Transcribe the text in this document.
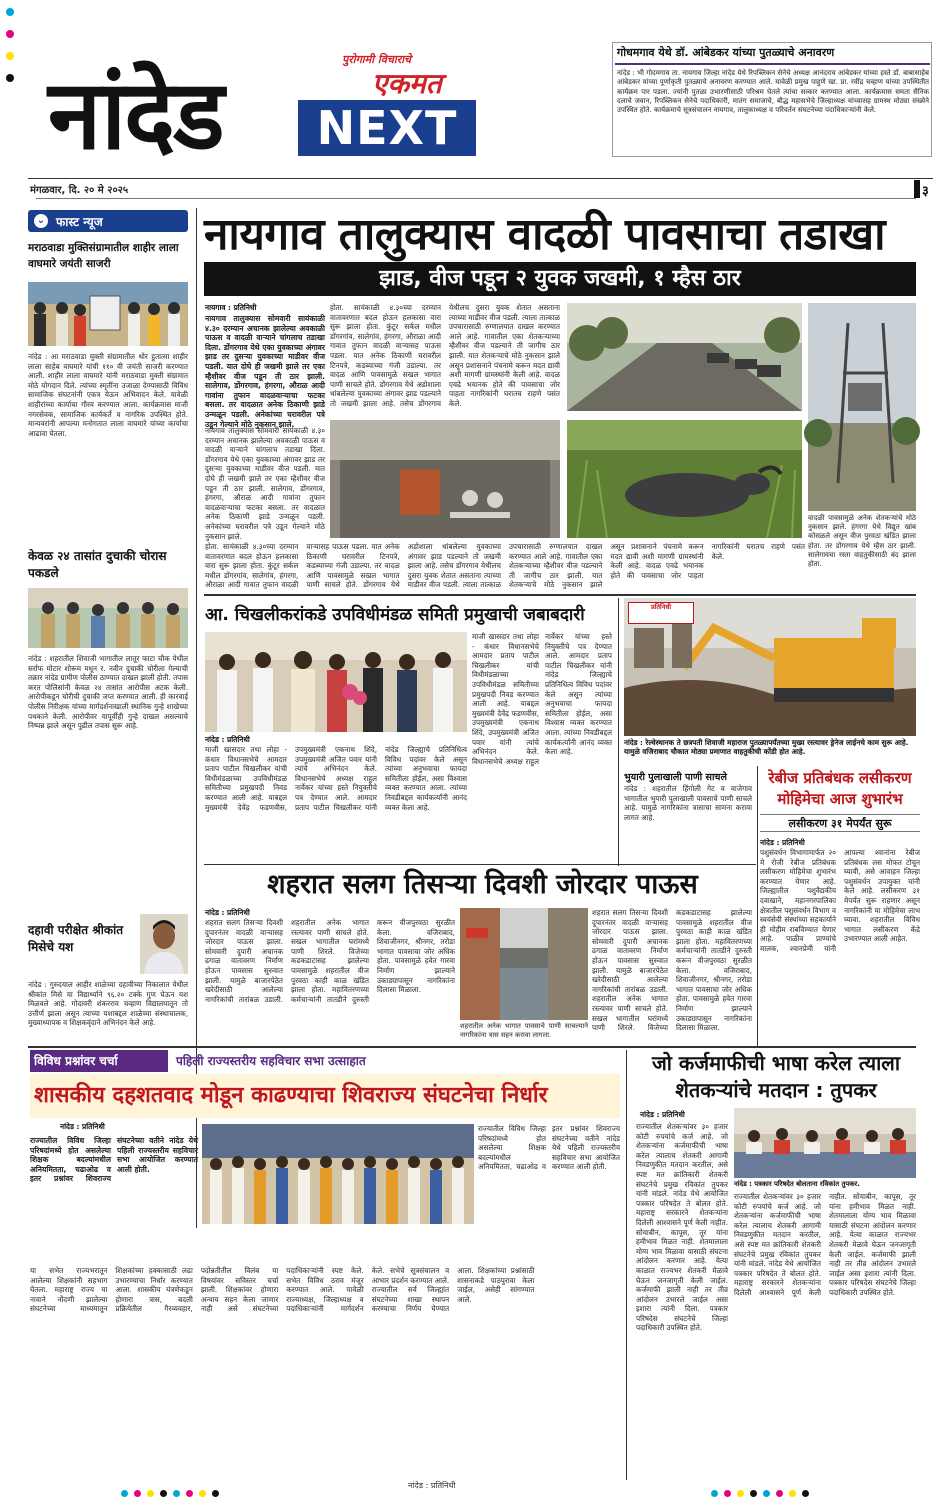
नांदेड	पुरोगामी विचाराचे
एकमत
NEXT
गोधमगाव येथे डॉ. आंबेडकर यांच्या पुतळ्याचे अनावरण
नांदेड : भी गोदमगाव ता. नायगाव जिल्हा नांदेड येथे रिपब्लिकन सेनेचे अध्यक्ष आनंदराव आंबेडकर यांच्या हस्ते डॉ. बाबासाहेब आंबेडकर यांच्या पूर्णाकृती पुतळ्याचे अनावरण करण्यात आले. यावेळी प्रमुख पाहुणे खा. प्रा. रवींद्र चव्हाण यांच्या उपस्थितीत कार्यक्रम पार पडला. ज्यांनी पुतळा उभारणीसाठी परिश्रम घेतले त्यांचा सत्कार करण्यात आला. कार्यक्रमास समता सैनिक दलाचे जवान, रिपब्लिकन सेनेचे पदाधिकारी, मातंग समाजाचे, बौद्ध महासभेचे जिल्हाध्यक्ष यांच्यासह ग्रामस्थ मोठ्या संख्येने उपस्थित होते. कार्यक्रमाचे सूत्रसंचालन नायगाव, तालुकाध्यक्ष व परिवर्तन संघटनेच्या पदाधिकाऱ्यांनी केले.
मंगळवार, दि. २० मे २०२५	३
⌄ फास्ट न्यूज
मराठवाडा मुक्तिसंग्रामातील शाहीर लाला वाघमारे जयंती साजरी
नांदेड : आ मराठवाडा मुक्ती संग्रामातील थोर हुतात्मा शाहीर लाला साहेब वाघमारे यांची ११० वी जयंती साजरी करण्यात आली. शाहीर लाला वाघमारे यांनी मराठवाडा मुक्ती संग्रामात मोठे योगदान दिले. त्यांच्या स्मृतींना उजाळा देण्यासाठी विविध सामाजिक संघटनांनी एकत्र येऊन अभिवादन केले. यावेळी शाहीरांच्या कार्याचा गौरव करण्यात आला. कार्यक्रमास माजी नगरसेवक, सामाजिक कार्यकर्ते व नागरिक उपस्थित होते. मान्यवरांनी आपल्या मनोगतात लाला वाघमारे यांच्या कार्याचा आढावा घेतला.
केवळ २४ तासांत दुचाकी चोरास पकडले
नांदेड : शहरातील शिवाजी भागातील लातूर फाटा चौक येथील सर्राफ मोटार शोरूम मधून र. नवीन दुचाकी चोरीला गेल्याची तक्रार नांदेड ग्रामीण पोलीस ठाण्यात दाखल झाली होती. तपास करत पोलिसांनी केवळ २४ तासांत आरोपीस अटक केली. आरोपीकडून चोरीची दुचाकी जप्त करण्यात आली. ही कारवाई पोलीस निरीक्षक यांच्या मार्गदर्शनाखाली स्थानिक गुन्हे शाखेच्या पथकाने केली. आरोपीवर यापूर्वीही गुन्हे दाखल असल्याचे निष्पन्न झाले असून पुढील तपास सुरू आहे.
दहावी परीक्षेत श्रीकांत मिसेचे यश
नांदेड : गुरुदयाल आहीर शाळेच्या दहावीच्या निकालात येथील श्रीकांत मिसे या विद्यार्थ्याने ९६.२० टक्के गुण घेऊन यश मिळवले आहे. गोदावरी शंकरराव चव्हाण विद्यालयातून तो उत्तीर्ण झाला असून त्याच्या यशाबद्दल शाळेच्या संस्थाचालक, मुख्याध्यापक व शिक्षकवृंदाने अभिनंदन केले आहे.
नायगाव तालुक्यास वादळी पावसाचा तडाखा
झाड, वीज पडून २ युवक जखमी, १ म्हैस ठार
नायगाव : प्रतिनिधी
नायगाव तालुक्यास सोमवारी सायंकाळी ४.३० दरम्यान अचानक झालेल्या अवकाळी पाऊस व वादळी वाऱ्याने चांगलाच तडाखा दिला. डोंगरगाव येथे एका युवकाच्या अंगावर झाड तर दुसऱ्या युवकाच्या माडीवर वीज पडली. यात दोघे ही जखमी झाले तर एका म्हैशीवर वीज पडून ती ठार झाली. सालेगाव, डोंगरगाव, हंगरगा, औराळ आदी गावांना तुफान वादळवाऱ्याचा फटका बसला. तर वादळात अनेक ठिकाणी झाडे उन्मळून पडली. अनेकांच्या घरावरील पत्रे उडून गेल्याने मोठे नुकसान झाले.
होता. सायंकाळी ४.३०च्या दरम्यान वातावरणात बदल होऊन हलकासा वारा सुरू झाला होता. कुंटूर सर्कल मधील डोंगरगांव, सालेगांव, हंगरगा, औराळा आदी गावात तुफान वादळी वाऱ्यासह पाऊस पडला. यात अनेक ठिकाणी घरावरील टिनपत्रे, कडब्याच्या गंजी उडाल्या. तर वादळ आणि पावसामुळे सखल भागात पाणी साचले होते. डोंगरगाव येथे अडोशाला थांबलेल्या युवकाच्या अंगावर झाड पडल्याने तो जखमी झाला आहे. तसेच डोंगरगाव येथीलच दुसरा युवक शेतात असताना त्याच्या माडीवर वीज पडली. त्याला तात्काळ उपचारासाठी रुग्णालयात दाखल करण्यात आले आहे. गावातील एका शेतकऱ्याच्या म्हैशीवर वीज पडल्याने ती जागीच ठार झाली. यात शेतकऱ्याचे मोठे नुकसान झाले असून प्रशासनाने पंचनामे करून मदत द्यावी अशी मागणी ग्रामस्थांनी केली आहे. वादळ एवढे भयानक होते की पावसाचा जोर पाहता नागरिकांनी घरातच राहणे पसंत केले.
वादळी पावसामुळे अनेक शेतकऱ्यांचे मोठे नुकसान झाले. हंगरगा येथे विद्युत खांब कोसळले असून वीज पुरवठा खंडित झाला होता. तर डोंगरगाव येथे म्हैस ठार झाली. सालेगावचा रस्ता वाहतुकीसाठी बंद झाला होता.
नायगाव तालुक्यास सोमवारी सायंकाळी ४.३० दरम्यान अचानक झालेल्या अवकाळी पाऊस व वादळी वाऱ्याने चांगलाच तडाखा दिला. डोंगरगाव येथे एका युवकाच्या अंगावर झाड तर दुसऱ्या युवकाच्या माडीवर वीज पडली. यात दोघे ही जखमी झाले तर एका म्हैशीवर वीज पडून ती ठार झाली. सालेगाव, डोंगरगाव, हंगरगा, औराळ आदी गावांना तुफान वादळवाऱ्याचा फटका बसला. तर वादळात अनेक ठिकाणी झाडे उन्मळून पडली. अनेकांच्या घरावरील पत्रे उडून गेल्याने मोठे नुकसान झाले.
होता. सायंकाळी ४.३०च्या दरम्यान वातावरणात बदल होऊन हलकासा वारा सुरू झाला होता. कुंटूर सर्कल मधील डोंगरगांव, सालेगांव, हंगरगा, औराळा आदी गावात तुफान वादळी वाऱ्यासह पाऊस पडला. यात अनेक ठिकाणी घरावरील टिनपत्रे, कडब्याच्या गंजी उडाल्या. तर वादळ आणि पावसामुळे सखल भागात पाणी साचले होते. डोंगरगाव येथे अडोशाला थांबलेल्या युवकाच्या अंगावर झाड पडल्याने तो जखमी झाला आहे. तसेच डोंगरगाव येथीलच दुसरा युवक शेतात असताना त्याच्या माडीवर वीज पडली. त्याला तात्काळ उपचारासाठी रुग्णालयात दाखल करण्यात आले आहे. गावातील एका शेतकऱ्याच्या म्हैशीवर वीज पडल्याने ती जागीच ठार झाली. यात शेतकऱ्याचे मोठे नुकसान झाले असून प्रशासनाने पंचनामे करून मदत द्यावी अशी मागणी ग्रामस्थांनी केली आहे. वादळ एवढे भयानक होते की पावसाचा जोर पाहता नागरिकांनी घरातच राहणे पसंत केले.
आ. चिखलीकरांकडे उपविधीमंडळ समिती प्रमुखाची जबाबदारी
नांदेड : प्रतिनिधी
माजी खासदार तथा लोहा - कंधार विधानसभेचे आमदार प्रताप पाटील चिखलीकर यांची विधीमंडळाच्या उपविधीमंडळ समितीच्या प्रमुखपदी निवड करण्यात आली आहे. याबद्दल मुख्यमंत्री देवेंद्र फडणवीस, उपमुख्यमंत्री एकनाथ शिंदे, उपमुख्यमंत्री अजित पवार यांनी त्यांचे अभिनंदन केले. विधानसभेचे अध्यक्ष राहुल नार्वेकर यांच्या हस्ते नियुक्तीचे पत्र देण्यात आले. आमदार प्रताप पाटील चिखलीकर यांनी नांदेड जिल्ह्याचे प्रतिनिधित्व विविध पदांवर केले असून त्यांच्या अनुभवाचा फायदा समितीला होईल, असा विश्वास व्यक्त करण्यात आला. त्यांच्या निवडीबद्दल कार्यकर्त्यांनी आनंद व्यक्त केला आहे.
माजी खासदार तथा लोहा - कंधार विधानसभेचे आमदार प्रताप पाटील चिखलीकर यांची विधीमंडळाच्या उपविधीमंडळ समितीच्या प्रमुखपदी निवड करण्यात आली आहे. याबद्दल मुख्यमंत्री देवेंद्र फडणवीस, उपमुख्यमंत्री एकनाथ शिंदे, उपमुख्यमंत्री अजित पवार यांनी त्यांचे अभिनंदन केले. विधानसभेचे अध्यक्ष राहुल नार्वेकर यांच्या हस्ते नियुक्तीचे पत्र देण्यात आले. आमदार प्रताप पाटील चिखलीकर यांनी नांदेड जिल्ह्याचे प्रतिनिधित्व विविध पदांवर केले असून त्यांच्या अनुभवाचा फायदा समितीला होईल, असा विश्वास व्यक्त करण्यात आला. त्यांच्या निवडीबद्दल कार्यकर्त्यांनी आनंद व्यक्त केला आहे.
प्रतिनिधी
नांदेड : रेल्वेस्थानक ते छत्रपती शिवाजी महाराज पुतळ्यापर्यंतच्या मुख्य रस्त्यावर ड्रेनेज लाईनचे काम सुरू आहे. यामुळे वजिराबाद चौकात मोठ्या प्रमाणात वाहतुकीची कोंडी होत आहे.
भुयारी पुलाखाली पाणी साचले
नांदेड : शहरातील हिंगोली गेट व वाजेगाव भागातील भुयारी पुलाखाली पावसाचे पाणी साचले आहे. यामुळे नागरिकांना त्रासाचा सामना करावा लागत आहे.
रेबीज प्रतिबंधक लसीकरण मोहिमेचा आज शुभारंभ
लसीकरण ३१ मेपर्यंत सुरू
नांदेड : प्रतिनिधी
पशुसंवर्धन विभागामार्फत २० मे रोजी रेबीज प्रतिबंधक लसीकरण मोहिमेचा शुभारंभ करण्यात येणार आहे. जिल्ह्यातील पशुवैद्यकीय दवाखाने, महानगरपालिका क्षेत्रातील पशुसंवर्धन विभाग व स्वयंसेवी संस्थांच्या सहकार्याने ही मोहीम राबविण्यात येणार आहे. पाळीव प्राण्यांचे मालक, श्वानप्रेमी यांनी आपल्या श्वानांना रेबीज प्रतिबंधक लस मोफत टोचून घ्यावी, असे आवाहन जिल्हा पशुसंवर्धन उपायुक्त यांनी केले आहे. लसीकरण ३१ मेपर्यंत सुरू राहणार असून नागरिकांनी या मोहिमेचा लाभ घ्यावा. शहरातील विविध भागात लसीकरण केंद्रे उभारण्यात आली आहेत.
शहरात सलग तिसऱ्या दिवशी जोरदार पाऊस
नांदेड : प्रतिनिधी
शहरात सलग तिसऱ्या दिवशी दुपारनंतर वादळी वाऱ्यासह जोरदार पाऊस झाला. सोमवारी दुपारी अचानक ढगाळ वातावरण निर्माण होऊन पावसास सुरुवात झाली. यामुळे बाजारपेठेत खरेदीसाठी आलेल्या नागरिकांची तारांबळ उडाली. शहरातील अनेक भागात रस्त्यावर पाणी साचले होते. सखल भागातील घरांमध्ये पाणी शिरले. विजेच्या कडकडाटासह झालेल्या पावसामुळे शहरातील वीज पुरवठा काही काळ खंडित झाला होता. महावितरणच्या कर्मचाऱ्यांनी तातडीने दुरुस्ती करून वीजपुरवठा सुरळीत केला. वजिराबाद, शिवाजीनगर, श्रीनगर, तरोडा भागात पावसाचा जोर अधिक होता. पावसामुळे हवेत गारवा निर्माण झाल्याने उकाड्यापासून नागरिकांना दिलासा मिळाला.
शहरातील अनेक भागात पावसाचे पाणी साचल्याने नागरिकांना त्रास सहन करावा लागला.
शहरात सलग तिसऱ्या दिवशी दुपारनंतर वादळी वाऱ्यासह जोरदार पाऊस झाला. सोमवारी दुपारी अचानक ढगाळ वातावरण निर्माण होऊन पावसास सुरुवात झाली. यामुळे बाजारपेठेत खरेदीसाठी आलेल्या नागरिकांची तारांबळ उडाली. शहरातील अनेक भागात रस्त्यावर पाणी साचले होते. सखल भागातील घरांमध्ये पाणी शिरले. विजेच्या कडकडाटासह झालेल्या पावसामुळे शहरातील वीज पुरवठा काही काळ खंडित झाला होता. महावितरणच्या कर्मचाऱ्यांनी तातडीने दुरुस्ती करून वीजपुरवठा सुरळीत केला. वजिराबाद, शिवाजीनगर, श्रीनगर, तरोडा भागात पावसाचा जोर अधिक होता. पावसामुळे हवेत गारवा निर्माण झाल्याने उकाड्यापासून नागरिकांना दिलासा मिळाला.
विविध प्रश्नांवर चर्चा	पहिली राज्यस्तरीय सहविचार सभा उत्साहात
शासकीय दहशतवाद मोडून काढण्याचा शिवराज्य संघटनेचा निर्धार
नांदेड : प्रतिनिधी
राज्यातील विविध जिल्हा परिषदांमध्ये होत असलेल्या शिक्षक बदल्यांमधील अनियमितता, चढाओढ व इतर प्रश्नांवर शिवराज्य संघटनेच्या वतीने नांदेड येथे पहिली राज्यस्तरीय सहविचार सभा आयोजित करण्यात आली होती.
या सभेत राज्यभरातून आलेल्या शिक्षकांनी सहभाग घेतला. महाराष्ट्र राज्य या नावाने नोंदणी झालेल्या संघटनेच्या माध्यमातून शिक्षकांच्या हक्कासाठी लढा उभारण्याचा निर्धार करण्यात आला. शासकीय यंत्रणेकडून होणारा त्रास, बदली प्रक्रियेतील गैरव्यवहार, पदोन्नतीतील विलंब या विषयांवर सविस्तर चर्चा झाली. शिक्षकांवर होणारा अन्याय सहन केला जाणार नाही असे संघटनेच्या पदाधिकाऱ्यांनी स्पष्ट केले. सभेत विविध ठराव मंजूर करण्यात आले. यावेळी राज्याध्यक्ष, जिल्हाध्यक्ष व पदाधिकाऱ्यांनी मार्गदर्शन केले. सभेचे सूत्रसंचालन व आभार प्रदर्शन करण्यात आले. राज्यातील सर्व जिल्ह्यांत संघटनेच्या शाखा स्थापन करण्याचा निर्णय घेण्यात आला. शिक्षकांच्या प्रश्नांसाठी शासनाकडे पाठपुरावा केला जाईल, असेही सांगण्यात आले.
राज्यातील विविध जिल्हा परिषदांमध्ये होत असलेल्या शिक्षक बदल्यांमधील अनियमितता, चढाओढ व इतर प्रश्नांवर शिवराज्य संघटनेच्या वतीने नांदेड येथे पहिली राज्यस्तरीय सहविचार सभा आयोजित करण्यात आली होती.
जो कर्जमाफीची भाषा करेल त्याला शेतकऱ्यांचे मतदान : तुपकर
नांदेड : प्रतिनिधी
राज्यातील शेतकऱ्यांवर ३० हजार कोटी रुपयांचे कर्ज आहे. जो शेतकऱ्यांना कर्जमाफीची भाषा करेल त्यालाच शेतकरी आगामी निवडणुकीत मतदान करतील, असे स्पष्ट मत क्रांतिकारी शेतकरी संघटनेचे प्रमुख रविकांत तुपकर यांनी मांडले. नांदेड येथे आयोजित पत्रकार परिषदेत ते बोलत होते. महाराष्ट्र सरकारने शेतकऱ्यांना दिलेली आश्वासने पूर्ण केली नाहीत. सोयाबीन, कापूस, तूर यांना हमीभाव मिळत नाही. शेतमालाला योग्य भाव मिळावा यासाठी संघटना आंदोलन करणार आहे. येत्या काळात राज्यभर शेतकरी मेळावे घेऊन जनजागृती केली जाईल. कर्जमाफी झाली नाही तर तीव्र आंदोलन उभारले जाईल असा इशारा त्यांनी दिला. पत्रकार परिषदेस संघटनेचे जिल्हा पदाधिकारी उपस्थित होते.
नांदेड : पत्रकार परिषदेत बोलताना रविकांत तुपकर.
राज्यातील शेतकऱ्यांवर ३० हजार कोटी रुपयांचे कर्ज आहे. जो शेतकऱ्यांना कर्जमाफीची भाषा करेल त्यालाच शेतकरी आगामी निवडणुकीत मतदान करतील, असे स्पष्ट मत क्रांतिकारी शेतकरी संघटनेचे प्रमुख रविकांत तुपकर यांनी मांडले. नांदेड येथे आयोजित पत्रकार परिषदेत ते बोलत होते. महाराष्ट्र सरकारने शेतकऱ्यांना दिलेली आश्वासने पूर्ण केली नाहीत. सोयाबीन, कापूस, तूर यांना हमीभाव मिळत नाही. शेतमालाला योग्य भाव मिळावा यासाठी संघटना आंदोलन करणार आहे. येत्या काळात राज्यभर शेतकरी मेळावे घेऊन जनजागृती केली जाईल. कर्जमाफी झाली नाही तर तीव्र आंदोलन उभारले जाईल असा इशारा त्यांनी दिला. पत्रकार परिषदेस संघटनेचे जिल्हा पदाधिकारी उपस्थित होते.
नांदेड : प्रतिनिधी
